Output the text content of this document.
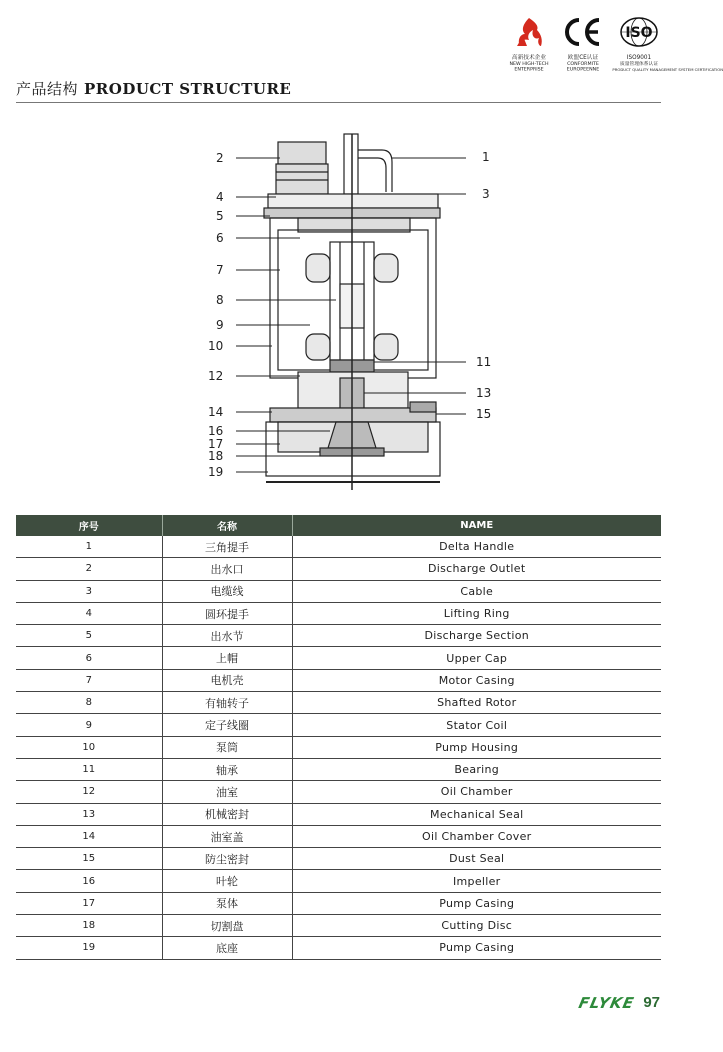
高新技术企业
NEW HIGH-TECH ENTERPRISE
欧盟CE认证
CONFORMITE EUROPEENNE
ISO
ISO9001
质量管理体系认证
PRODUCT QUALITY MANAGEMENT SYSTEM CERTIFICATION
产品结构 PRODUCT STRUCTURE
1
2
3
4
5
6
7
8
9
10
11
12
13
14	15
16
17
18
19
序号	名称	NAME
1	三角提手	Delta Handle
2	出水口	Discharge Outlet
3	电缆线	Cable
4	圆环提手	Lifting Ring
5	出水节	Discharge Section
6	上帽	Upper Cap
7	电机壳	Motor Casing
8	有轴转子	Shafted Rotor
9	定子线圈	Stator Coil
10	泵筒	Pump Housing
11	轴承	Bearing
12	油室	Oil Chamber
13	机械密封	Mechanical Seal
14	油室盖	Oil Chamber Cover
15	防尘密封	Dust Seal
16	叶轮	Impeller
17	泵体	Pump Casing
18	切割盘	Cutting Disc
19	底座	Pump Casing
FLYKE 97
